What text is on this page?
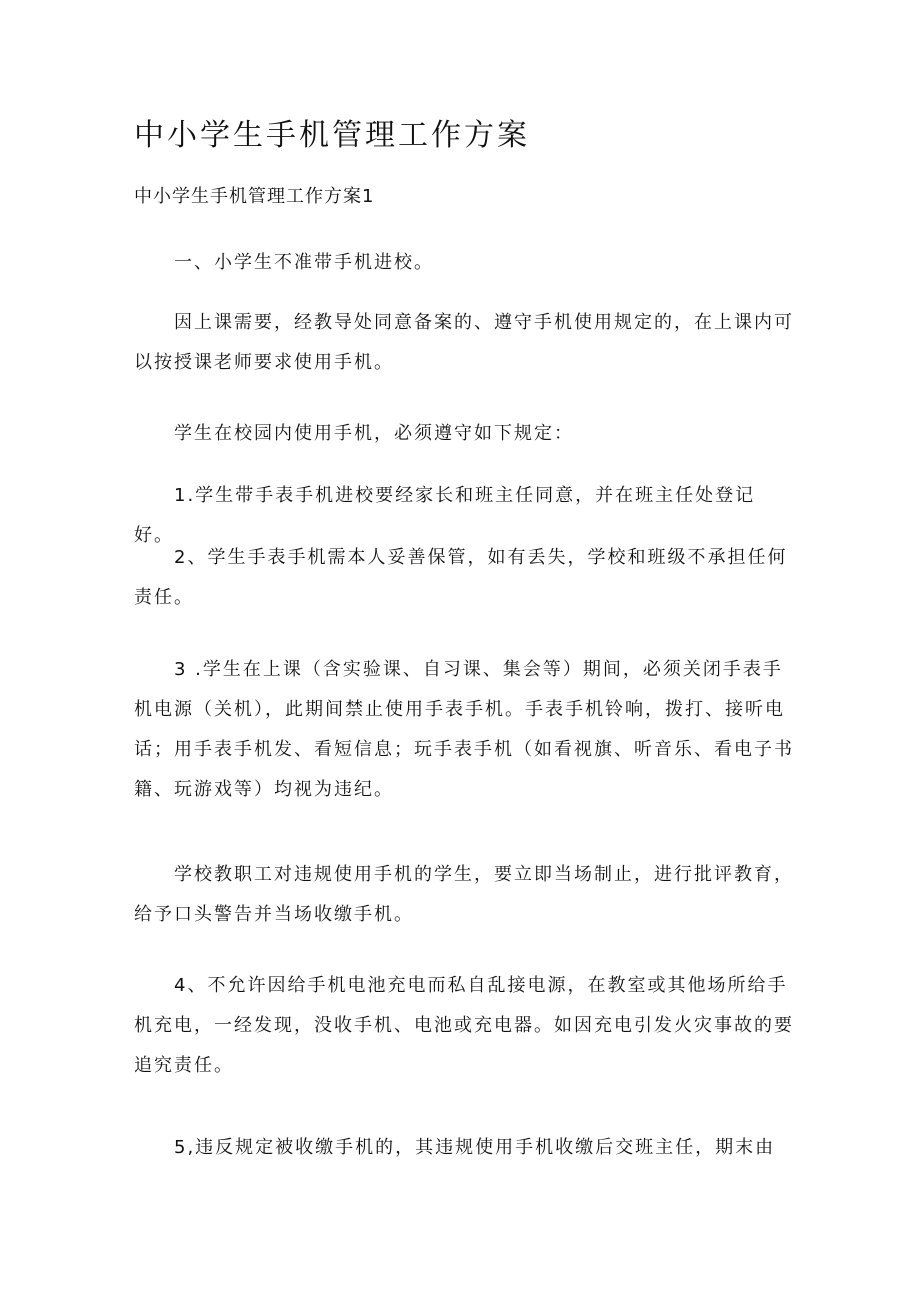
中小学生手机管理工作方案
中小学生手机管理工作方案1

一、小学生不准带手机进校。

因上课需要，经教导处同意备案的、遵守手机使用规定的，在上课内可以按授课老师要求使用手机。

学生在校园内使用手机，必须遵守如下规定：

1.学生带手表手机进校要经家长和班主任同意，并在班主任处登记好。

2、学生手表手机需本人妥善保管，如有丢失，学校和班级不承担任何责任。

3 .学生在上课（含实验课、自习课、集会等）期间，必须关闭手表手机电源（关机），此期间禁止使用手表手机。手表手机铃响，拨打、接听电话；用手表手机发、看短信息；玩手表手机（如看视旗、听音乐、看电子书籍、玩游戏等）均视为违纪。

学校教职工对违规使用手机的学生，要立即当场制止，进行批评教育，给予口头警告并当场收缴手机。

4、不允许因给手机电池充电而私自乱接电源，在教室或其他场所给手机充电，一经发现，没收手机、电池或充电器。如因充电引发火灾事故的要追究责任。

5,违反规定被收缴手机的，其违规使用手机收缴后交班主任，期末由
